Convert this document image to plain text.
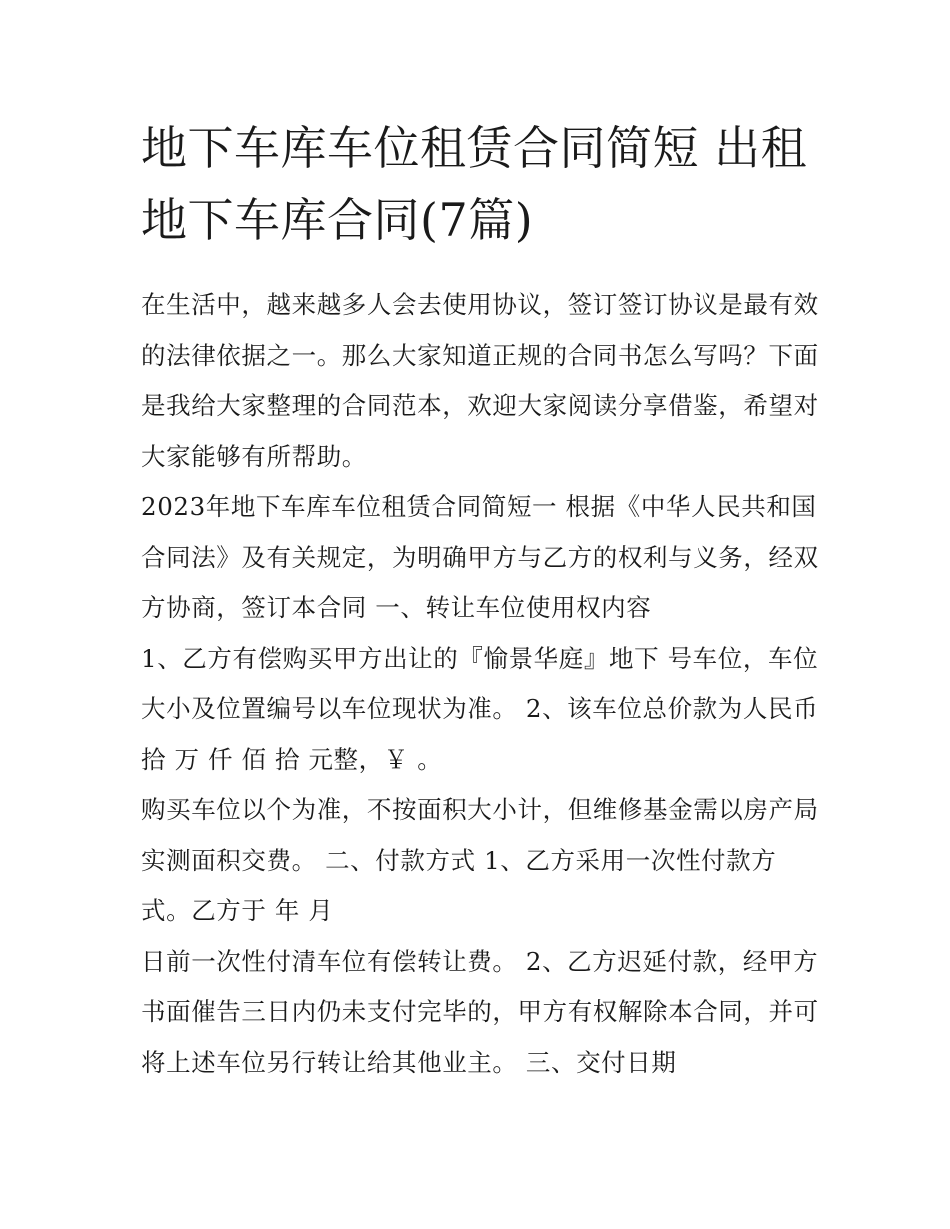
地下车库车位租赁合同简短 出租地下车库合同(7篇)

在生活中，越来越多人会去使用协议，签订签订协议是最有效的法律依据之一。那么大家知道正规的合同书怎么写吗？下面是我给大家整理的合同范本，欢迎大家阅读分享借鉴，希望对大家能够有所帮助。

2023年地下车库车位租赁合同简短一 根据《中华人民共和国合同法》及有关规定，为明确甲方与乙方的权利与义务，经双方协商，签订本合同 一、转让车位使用权内容

1、乙方有偿购买甲方出让的『愉景华庭』地下 号车位，车位大小及位置编号以车位现状为准。 2、该车位总价款为人民币 拾 万 仟 佰 拾 元整，￥ 。

购买车位以个为准，不按面积大小计，但维修基金需以房产局实测面积交费。 二、付款方式 1、乙方采用一次性付款方式。乙方于 年 月

日前一次性付清车位有偿转让费。 2、乙方迟延付款，经甲方书面催告三日内仍未支付完毕的，甲方有权解除本合同，并可将上述车位另行转让给其他业主。 三、交付日期
